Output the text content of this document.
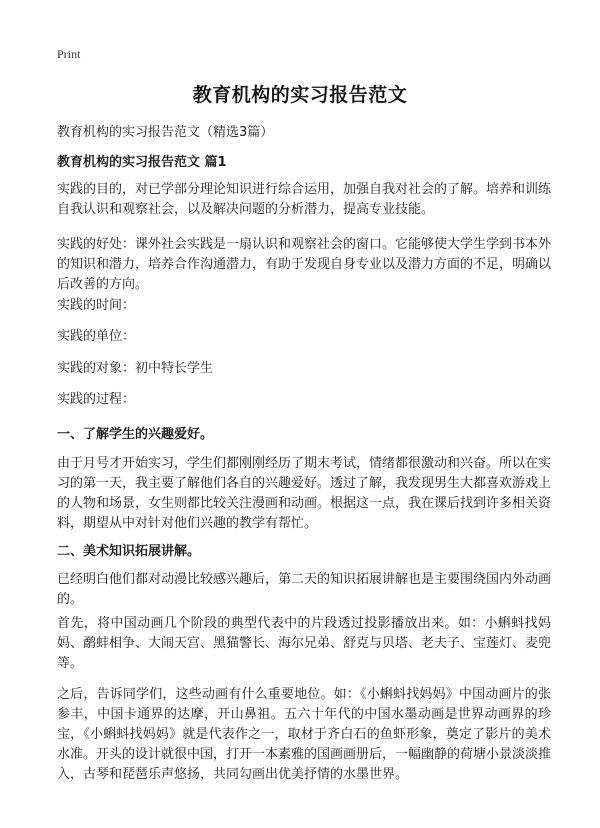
Print
教育机构的实习报告范文
教育机构的实习报告范文（精选3篇）
教育机构的实习报告范文 篇1

实践的目的，对已学部分理论知识进行综合运用，加强自我对社会的了解。培养和训练自我认识和观察社会，以及解决问题的分析潜力，提高专业技能。

实践的好处：课外社会实践是一扇认识和观察社会的窗口。它能够使大学生学到书本外的知识和潜力，培养合作沟通潜力，有助于发现自身专业以及潜力方面的不足，明确以后改善的方向。

实践的时间：

实践的单位：

实践的对象：初中特长学生

实践的过程：

一、了解学生的兴趣爱好。

由于月号才开始实习，学生们都刚刚经历了期末考试，情绪都很激动和兴奋。所以在实习的第一天，我主要了解他们各自的兴趣爱好。透过了解，我发现男生大都喜欢游戏上的人物和场景，女生则都比较关注漫画和动画。根据这一点，我在课后找到许多相关资料，期望从中对针对他们兴趣的教学有帮忙。

二、美术知识拓展讲解。

已经明白他们都对动漫比较感兴趣后，第二天的知识拓展讲解也是主要围绕国内外动画的。

首先，将中国动画几个阶段的典型代表中的片段透过投影播放出来。如：小蝌蚪找妈妈、鹬蚌相争、大闹天宫、黑猫警长、海尔兄弟、舒克与贝塔、老夫子、宝莲灯、麦兜等。

之后，告诉同学们，这些动画有什么重要地位。如：《小蝌蚪找妈妈》中国动画片的张参丰，中国卡通界的达摩，开山鼻祖。五六十年代的中国水墨动画是世界动画界的珍宝，《小蝌蚪找妈妈》就是代表作之一，取材于齐白石的鱼虾形象，奠定了影片的美术水准。开头的设计就很中国，打开一本素雅的国画画册后，一幅幽静的荷塘小景淡淡推入，古琴和琵琶乐声悠扬，共同勾画出优美抒情的水墨世界。
